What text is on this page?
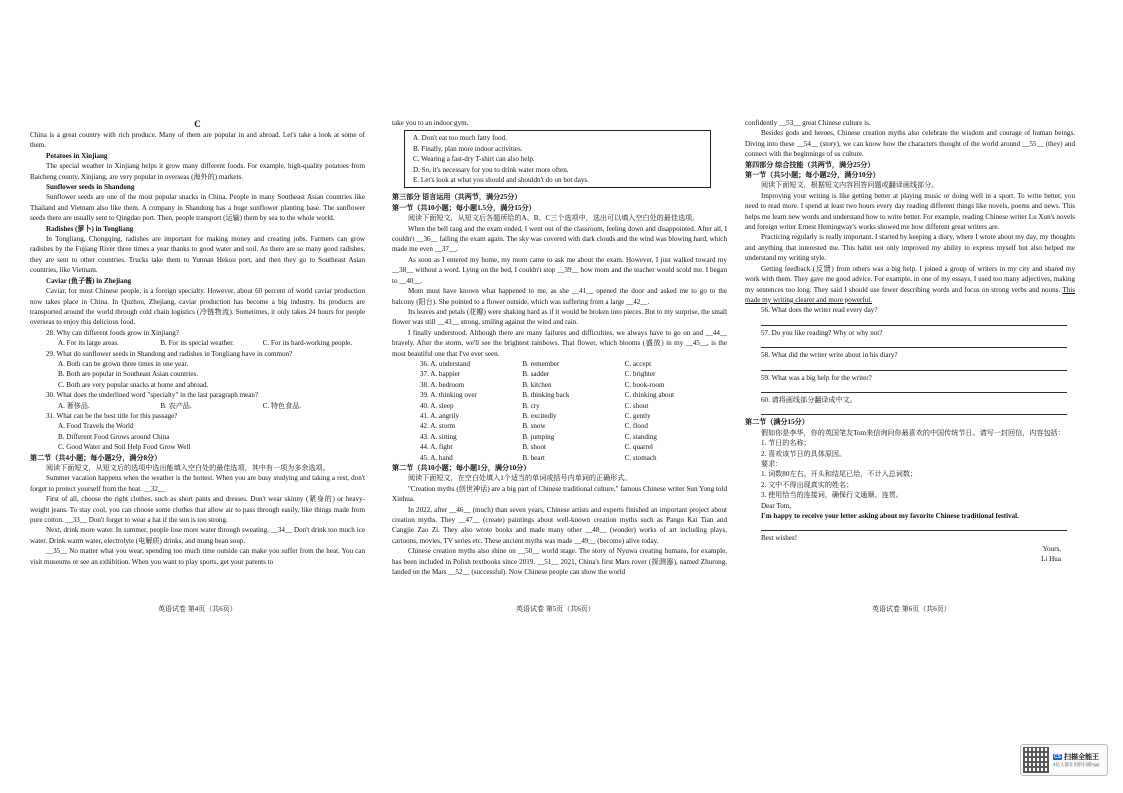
C

China is a great country with rich produce. Many of them are popular in and abroad. Let's take a look at some of them.

Potatoes in Xinjiang

The special weather in Xinjiang helps it grow many different foods. For example, high-quality potatoes from Baicheng county, Xinjiang, are very popular in overseas (海外的) markets.

Sunflower seeds in Shandong

Sunflower seeds are one of the most popular snacks in China. People in many Southeast Asian countries like Thailand and Vietnam also like them. A company in Shandong has a huge sunflower planting base. The sunflower seeds there are usually sent to Qingdao port. Then, people transport (运输) them by sea to the whole world.

Radishes (萝卜) in Tongliang

In Tongliang, Chongqing, radishes are important for making money and creating jobs. Farmers can grow radishes by the Fujiang River three times a year thanks to good water and soil. As there are so many good radishes, they are sent to other countries. Trucks take them to Yunnan Hekou port, and then they go to Southeast Asian countries, like Vietnam.

Caviar (鱼子酱) in Zhejiang

Caviar, for most Chinese people, is a foreign specialty. However, about 60 percent of world caviar production now takes place in China. In Quzhou, Zhejiang, caviar production has become a big industry. Its products are transported around the world through cold chain logistics (冷链物流). Sometimes, it only takes 24 hours for people overseas to enjoy this delicious food.

28. Why can different foods grow in Xinjiang?
A. For its large areas.	B. For its special weather.	C. For its hard-working people.
29. What do sunflower seeds in Shandong and radishes in Tongliang have in common?
A. Both can be grown three times in one year.
B. Both are popular in Southeast Asian countries.
C. Both are very popular snacks at home and abroad.
30. What does the underlined word "specialty" in the last paragraph mean?
A. 奢侈品.	B. 农产品.	C. 特色食品.
31. What can be the best title for this passage?
A. Food Travels the World
B. Different Food Grows around China
C. Good Water and Soil Help Food Grow Well
第二节（共4小题；每小题2分，满分8分）
阅读下面短文，从短文后的选项中选出能填入空白处的最佳选项，其中有一项为多余选项。

Summer vacation happens when the weather is the hottest. When you are busy studying and taking a rest, don't forget to protect yourself from the heat. __32__

First of all, choose the right clothes, such as short pants and dresses. Don't wear skinny (紧身的) or heavy-weight jeans. To stay cool, you can choose some clothes that allow air to pass through easily, like things made from pure cotton. __33__ Don't forget to wear a hat if the sun is too strong.

Next, drink more water. In summer, people lose more water through sweating. __34__ Don't drink too much ice water. Drink warm water, electrolyte (电解质) drinks, and mung bean soup.

__35__ No matter what you wear, spending too much time outside can make you suffer from the heat. You can visit museums or see an exhibition. When you want to play sports, get your parents to

take you to an indoor gym.

A. Don't eat too much fatty food.
B. Finally, plan more indoor activities.
C. Wearing a fast-dry T-shirt can also help.
D. So, it's necessary for you to drink water more often.
E. Let's look at what you should and shouldn't do on hot days.
第三部分 语言运用（共两节，满分25分）
第一节（共10小题；每小题1.5分，满分15分）
阅读下面短文，从短文后各题所给的A、B、C三个选项中，选出可以填入空白处的最佳选项。

When the bell rang and the exam ended, I went out of the classroom, feeling down and disappointed. After all, I couldn't __36__ failing the exam again. The sky was covered with dark clouds and the wind was blowing hard, which made me even __37__.

As soon as I entered my home, my mom came to ask me about the exam. However, I just walked toward my __38__ without a word. Lying on the bed, I couldn't stop __39__ how mom and the teacher would scold me. I began to __40__.

Mom must have known what happened to me, as she __41__ opened the door and asked me to go to the balcony (阳台). She pointed to a flower outside, which was suffering from a large __42__.

Its leaves and petals (花瓣) were shaking hard as if it would be broken into pieces. But to my surprise, the small flower was still __43__ strong, smiling against the wind and rain.

I finally understood. Although there are many failures and difficulties, we always have to go on and __44__ bravely. After the storm, we'll see the brightest rainbows. That flower, which blooms (盛放) in my __45__, is the most beautiful one that I've ever seen.

36. A. understand	B. remember	C. accept
37. A. happier	B. sadder	C. brighter
38. A. bedroom	B. kitchen	C. book-room
39. A. thinking over	B. thinking back	C. thinking about
40. A. sleep	B. cry	C. shout
41. A. angrily	B. excitedly	C. gently
42. A. storm	B. snow	C. flood
43. A. sitting	B. jumping	C. standing
44. A. fight	B. shoot	C. quarrel
45. A. hand	B. heart	C. stomach
第二节（共10小题；每小题1分，满分10分）
阅读下面短文，在空白处填入1个适当的单词或括号内单词的正确形式。

"Creation myths (创世神话) are a big part of Chinese traditional culture," famous Chinese writer Sun Yong told Xinhua.

In 2022, after __46__ (much) than seven years, Chinese artists and experts finished an important project about creation myths. They __47__ (create) paintings about well-known creation myths such as Pangu Kai Tian and Cangjie Zao Zi. They also wrote books and made many other __48__ (wonder) works of art including plays, cartoons, movies, TV series etc. These ancient myths was made __49__ (become) alive today.

Chinese creation myths also shine on __50__ world stage. The story of Nyuwa creating humans, for example, has been included in Polish textbooks since 2019. __51__ 2021, China's first Mars rover (探测器), named Zhurong, landed on the Mars __52__ (successful). Now Chinese people can show the world

confidently __53__ great Chinese culture is.

Besides gods and heroes, Chinese creation myths also celebrate the wisdom and courage of human beings. Diving into these __54__ (story), we can know how the characters thought of the world around __55__ (they) and connect with the beginnings of us culture.

第四部分 综合技能（共两节，满分25分）
第一节（共5小题；每小题2分，满分10分）
阅读下面短文，根据短文内容回答问题或翻译画线部分。

Improving your writing is like getting better at playing music or doing well in a sport. To write better, you need to read more. I spend at least two hours every day reading different things like novels, poems and news. This helps me learn new words and understand how to write better. For example, reading Chinese writer Lu Xun's novels and foreign writer Ernest Hemingway's works showed me how different great writers are.

Practicing regularly is really important. I started by keeping a diary, where I wrote about my day, my thoughts and anything that interested me. This habit not only improved my ability to express myself but also helped me understand my writing style.

Getting feedback (反馈) from others was a big help. I joined a group of writers in my city and shared my work with them. They gave me good advice. For example, in one of my essays, I used too many adjectives, making my sentences too long. They said I should use fewer describing words and focus on strong verbs and nouns. This made my writing clearer and more powerful.

56. What does the writer read every day?
57. Do you like reading? Why or why not?
58. What did the writer write about in his diary?
59. What was a big help for the writer?
60. 请将画线部分翻译成中文。
第二节（满分15分）
假如你是李华，你的英国笔友Tom来信询问你最喜欢的中国传统节日。请写一封回信，内容包括：
1. 节日的名称；
2. 喜欢该节日的具体原因。
要求：
1. 词数80左右。开头和结尾已给，不计入总词数；
2. 文中不得出现真实的姓名；
3. 使用恰当的连接词，确保行文通顺、连贯。
Dear Tom,

I'm happy to receive your letter asking about my favorite Chinese traditional festival.

Best wishes!
Yours,
Li Hua
英语试卷 第4页（共6页）	英语试卷 第5页（共6页）	英语试卷 第6页（共6页）
CS 扫描全能王
3亿人都在用的扫描App
